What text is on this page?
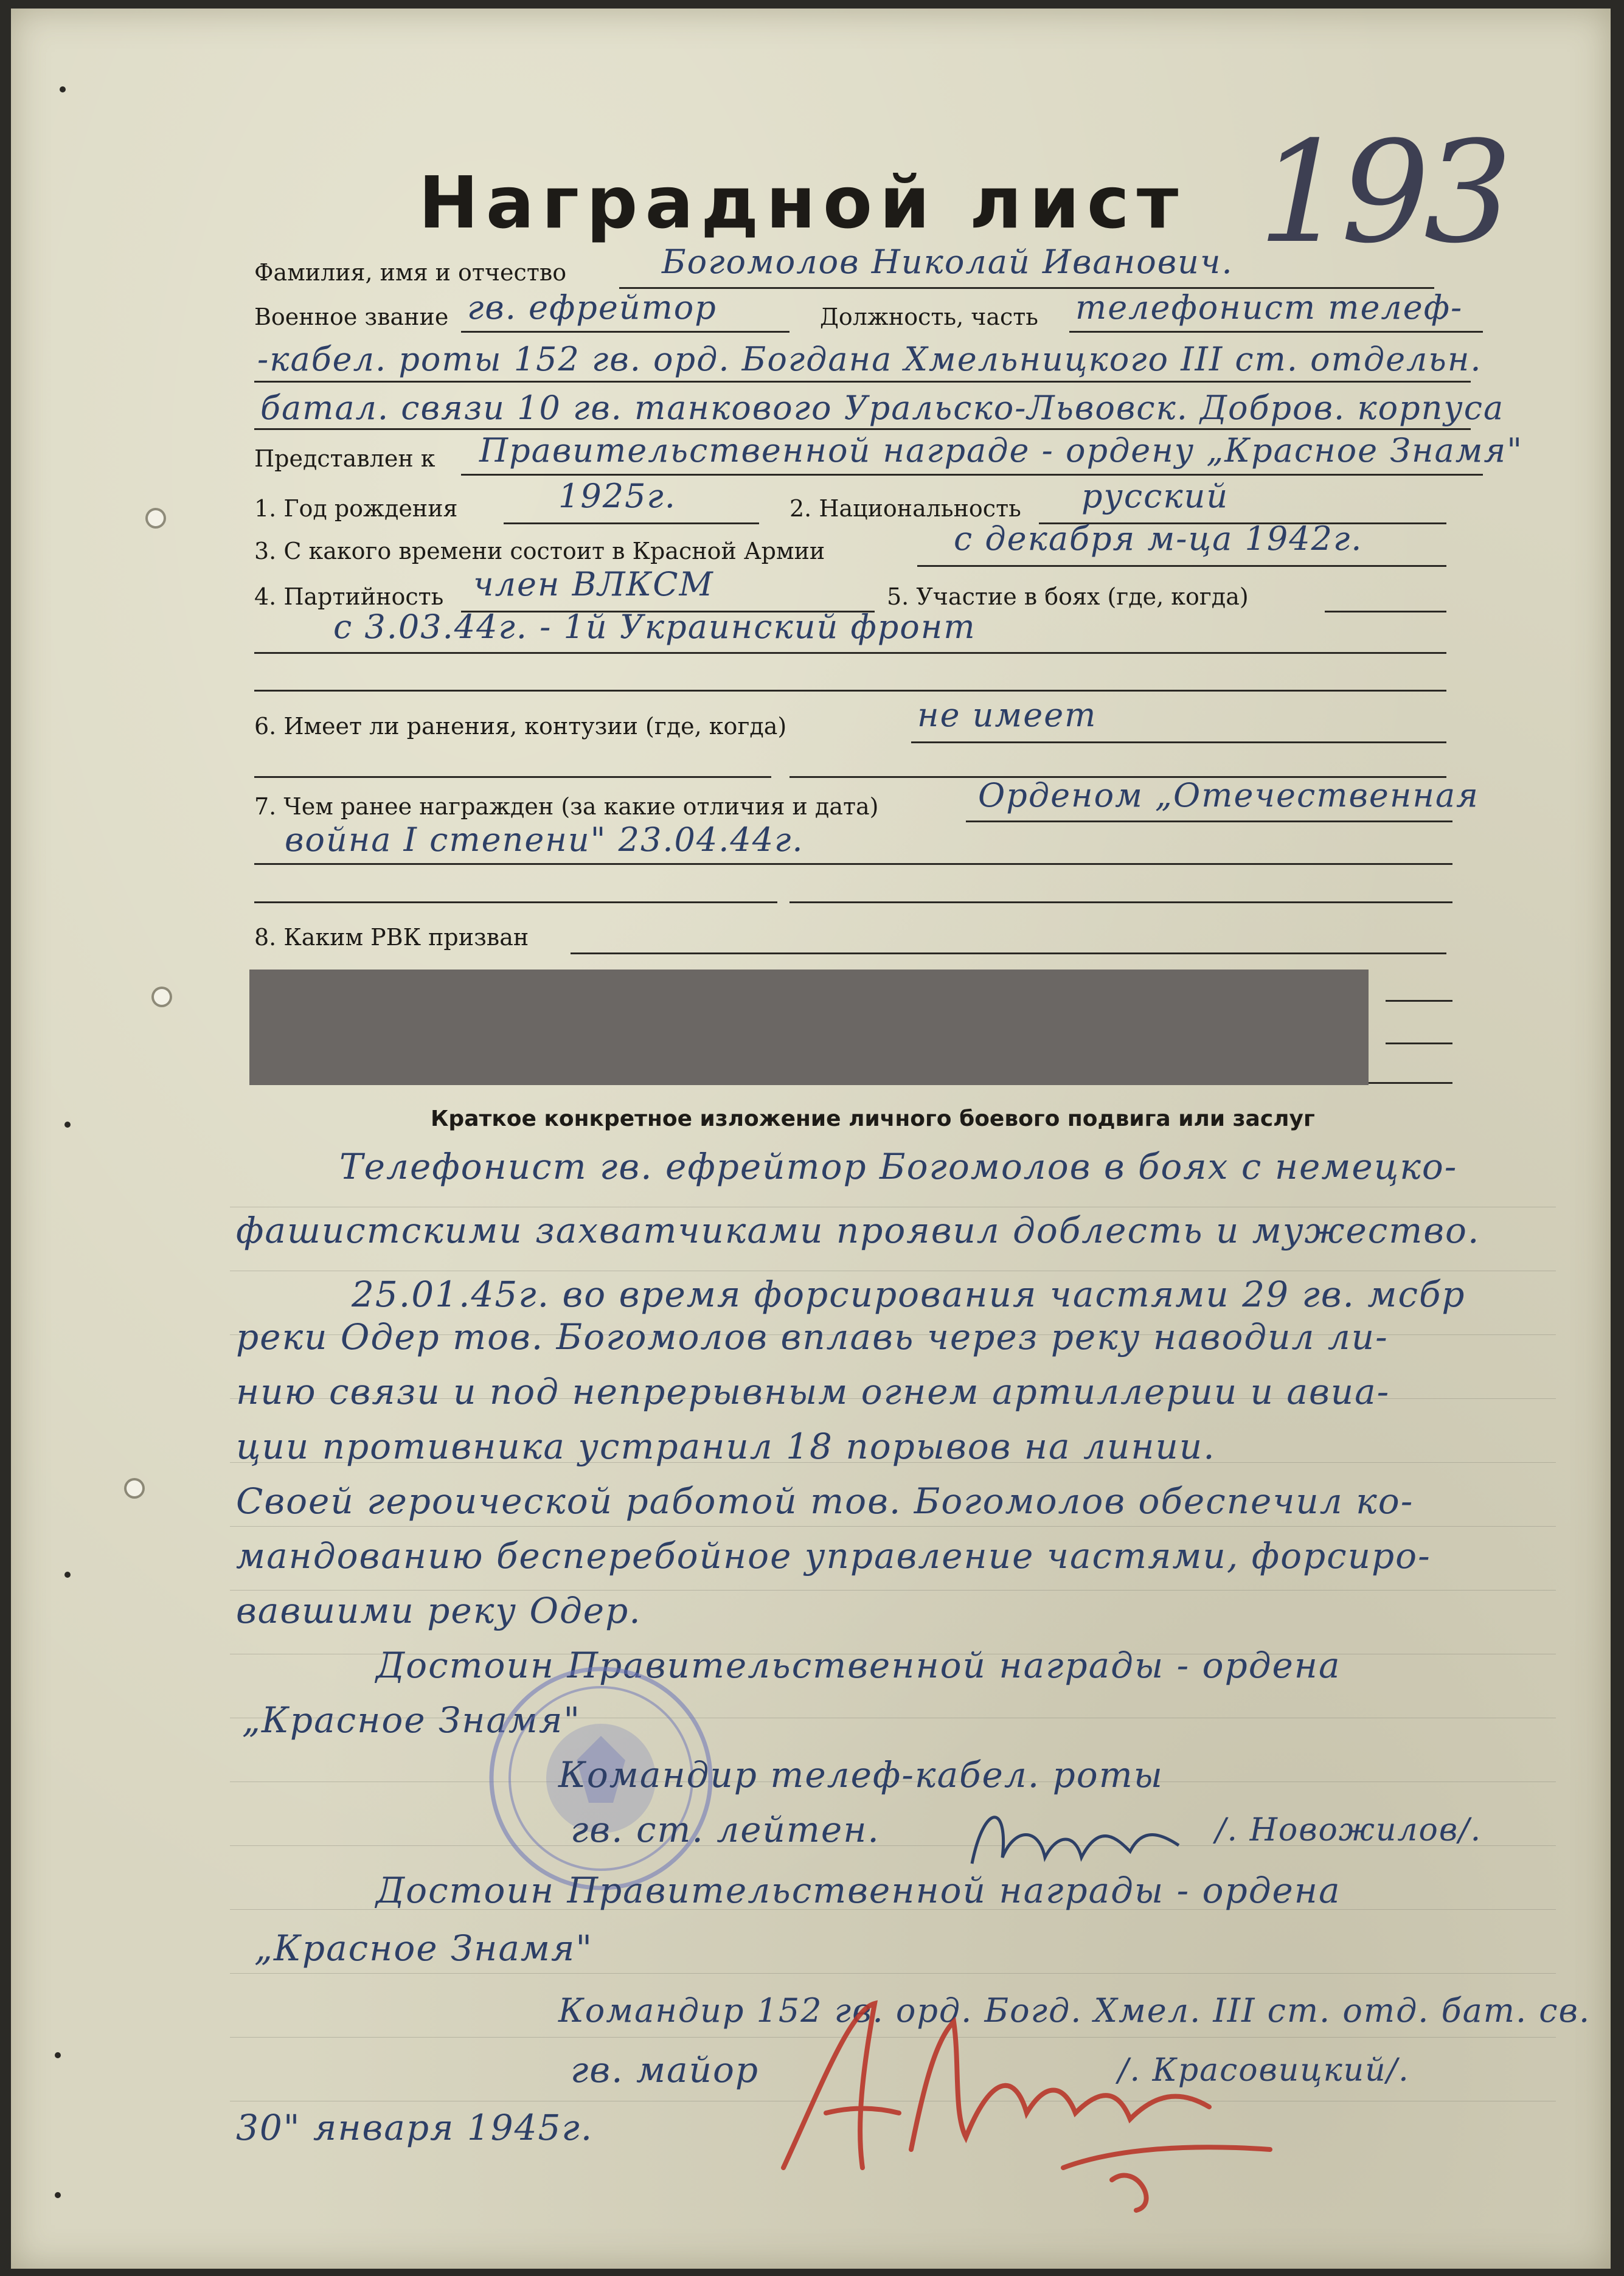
Наградной лист 193
Фамилия, имя и отчество	Богомолов Николай Иванович.
Военное звание гв. ефрейтор	Должность, часть телефонист телеф-
-кабел. роты 152 гв. орд. Богдана Хмельницкого III ст. отдельн.
батал. связи 10 гв. танкового Уральско-Львовск. Добров. корпуса
Представлен к Правительственной награде - ордену „Красное Знамя"
1. Год рождения	1925г.	2. Национальность русский
3. С какого времени состоит в Красной Армии	с декабря м-ца 1942г.
4. Партийность член ВЛКСМ	5. Участие в боях (где, когда)
с 3.03.44г. - 1й Украинский фронт
6. Имеет ли ранения, контузии (где, когда)	не имеет
7. Чем ранее награжден (за какие отличия и дата)	Орденом „Отечественная
война I степени" 23.04.44г.
8. Каким РВК призван
Краткое конкретное изложение личного боевого подвига или заслуг
Телефонист гв. ефрейтор Богомолов в боях с немецко-
фашистскими захватчиками проявил доблесть и мужество.
25.01.45г. во время форсирования частями 29 гв. мсбр
реки Одер тов. Богомолов вплавь через реку наводил ли-
нию связи и под непрерывным огнем артиллерии и авиа-
ции противника устранил 18 порывов на линии.
Своей героической работой тов. Богомолов обеспечил ко-
мандованию бесперебойное управление частями, форсиро-
вавшими реку Одер.
Достоин Правительственной награды - ордена
„Красное Знамя"
Командир телеф-кабел. роты
гв. ст. лейтен.	/. Новожилов/.
Достоин Правительственной награды - ордена
„Красное Знамя"
Командир 152 гв. орд. Богд. Хмел. III ст. отд. бат. св.
гв. майор	/. Красовицкий/.
30" января 1945г.
